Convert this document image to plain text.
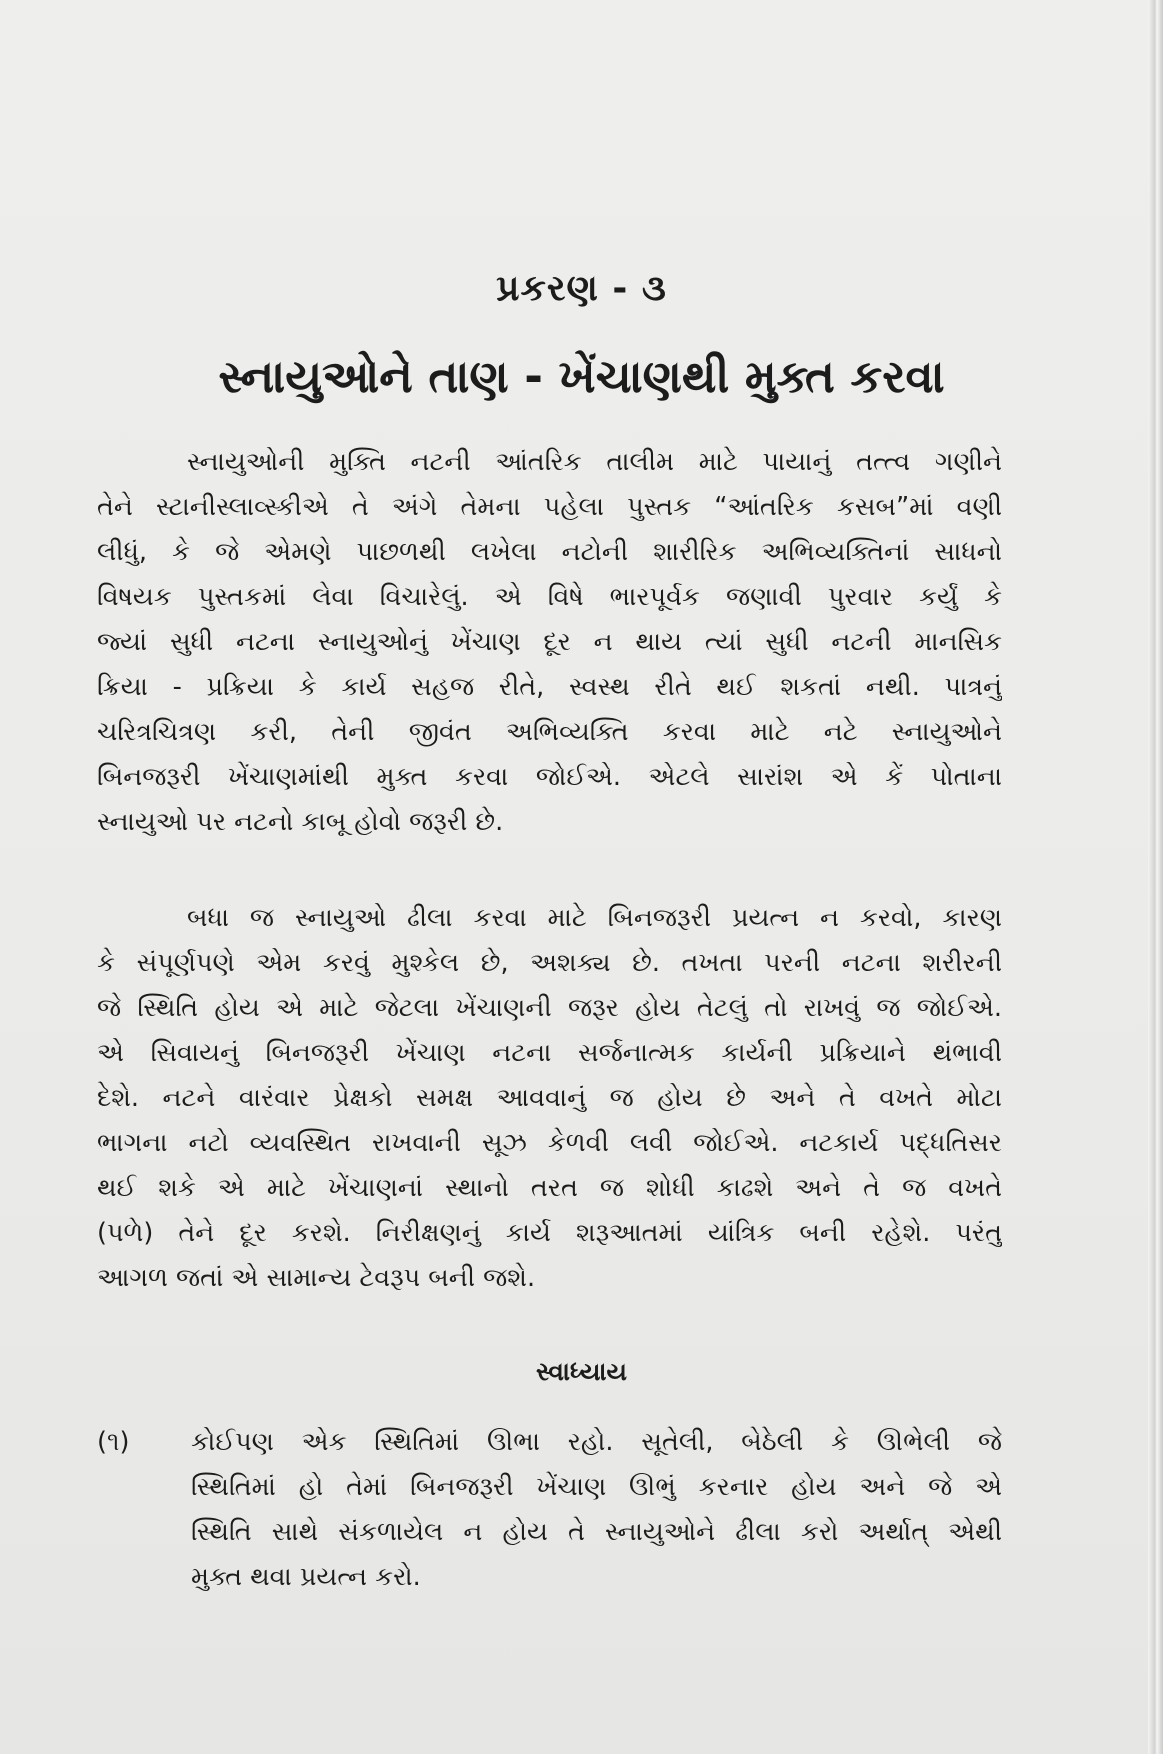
પ્રકરણ - ૩
સ્નાયુઓને તાણ - ખેંચાણથી મુક્ત કરવા
સ્નાયુઓની મુક્તિ નટની આંતરિક તાલીમ માટે પાયાનું તત્ત્વ ગણીને
તેને સ્ટાનીસ્લાવ્સ્કીએ તે અંગે તેમના પહેલા પુસ્તક “આંતરિક કસબ”માં વણી
લીધું, કે જે એમણે પાછળથી લખેલા નટોની શારીરિક અભિવ્યક્તિનાં સાધનો
વિષયક પુસ્તકમાં લેવા વિચારેલું. એ વિષે ભારપૂર્વક જણાવી પુરવાર કર્યું કે
જ્યાં સુધી નટના સ્નાયુઓનું ખેંચાણ દૂર ન થાય ત્યાં સુધી નટની માનસિક
ક્રિયા - પ્રક્રિયા કે કાર્ય સહજ રીતે, સ્વસ્થ રીતે થઈ શકતાં નથી. પાત્રનું
ચરિત્રચિત્રણ કરી, તેની જીવંત અભિવ્યક્તિ કરવા માટે નટે સ્નાયુઓને
બિનજરૂરી ખેંચાણમાંથી મુક્ત કરવા જોઈએ. એટલે સારાંશ એ કેં પોતાના
સ્નાયુઓ પર નટનો કાબૂ હોવો જરૂરી છે.
બધા જ સ્નાયુઓ ઢીલા કરવા માટે બિનજરૂરી પ્રયત્ન ન કરવો, કારણ
કે સંપૂર્ણપણે એમ કરવું મુશ્કેલ છે, અશક્ય છે. તખતા પરની નટના શરીરની
જે સ્થિતિ હોય એ માટે જેટલા ખેંચાણની જરૂર હોય તેટલું તો રાખવું જ જોઈએ.
એ સિવાયનું બિનજરૂરી ખેંચાણ નટના સર્જનાત્મક કાર્યની પ્રક્રિયાને થંભાવી
દેશે. નટને વારંવાર પ્રેક્ષકો સમક્ષ આવવાનું જ હોય છે અને તે વખતે મોટા
ભાગના નટો વ્યવસ્થિત રાખવાની સૂઝ કેળવી લવી જોઈએ. નટકાર્ય પદ્ધતિસર
થઈ શકે એ માટે ખેંચાણનાં સ્થાનો તરત જ શોધી કાઢશે અને તે જ વખતે
(પળે) તેને દૂર કરશે. નિરીક્ષણનું કાર્ય શરૂઆતમાં યાંત્રિક બની રહેશે. પરંતુ
આગળ જતાં એ સામાન્ય ટેવરૂપ બની જશે.
સ્વાધ્યાય
(૧)	કોઈપણ એક સ્થિતિમાં ઊભા રહો. સૂતેલી, બેઠેલી કે ઊભેલી જે
સ્થિતિમાં હો તેમાં બિનજરૂરી ખેંચાણ ઊભું કરનાર હોય અને જે એ
સ્થિતિ સાથે સંકળાયેલ ન હોય તે સ્નાયુઓને ઢીલા કરો અર્થાત્ એથી
મુક્ત થવા પ્રયત્ન કરો.
